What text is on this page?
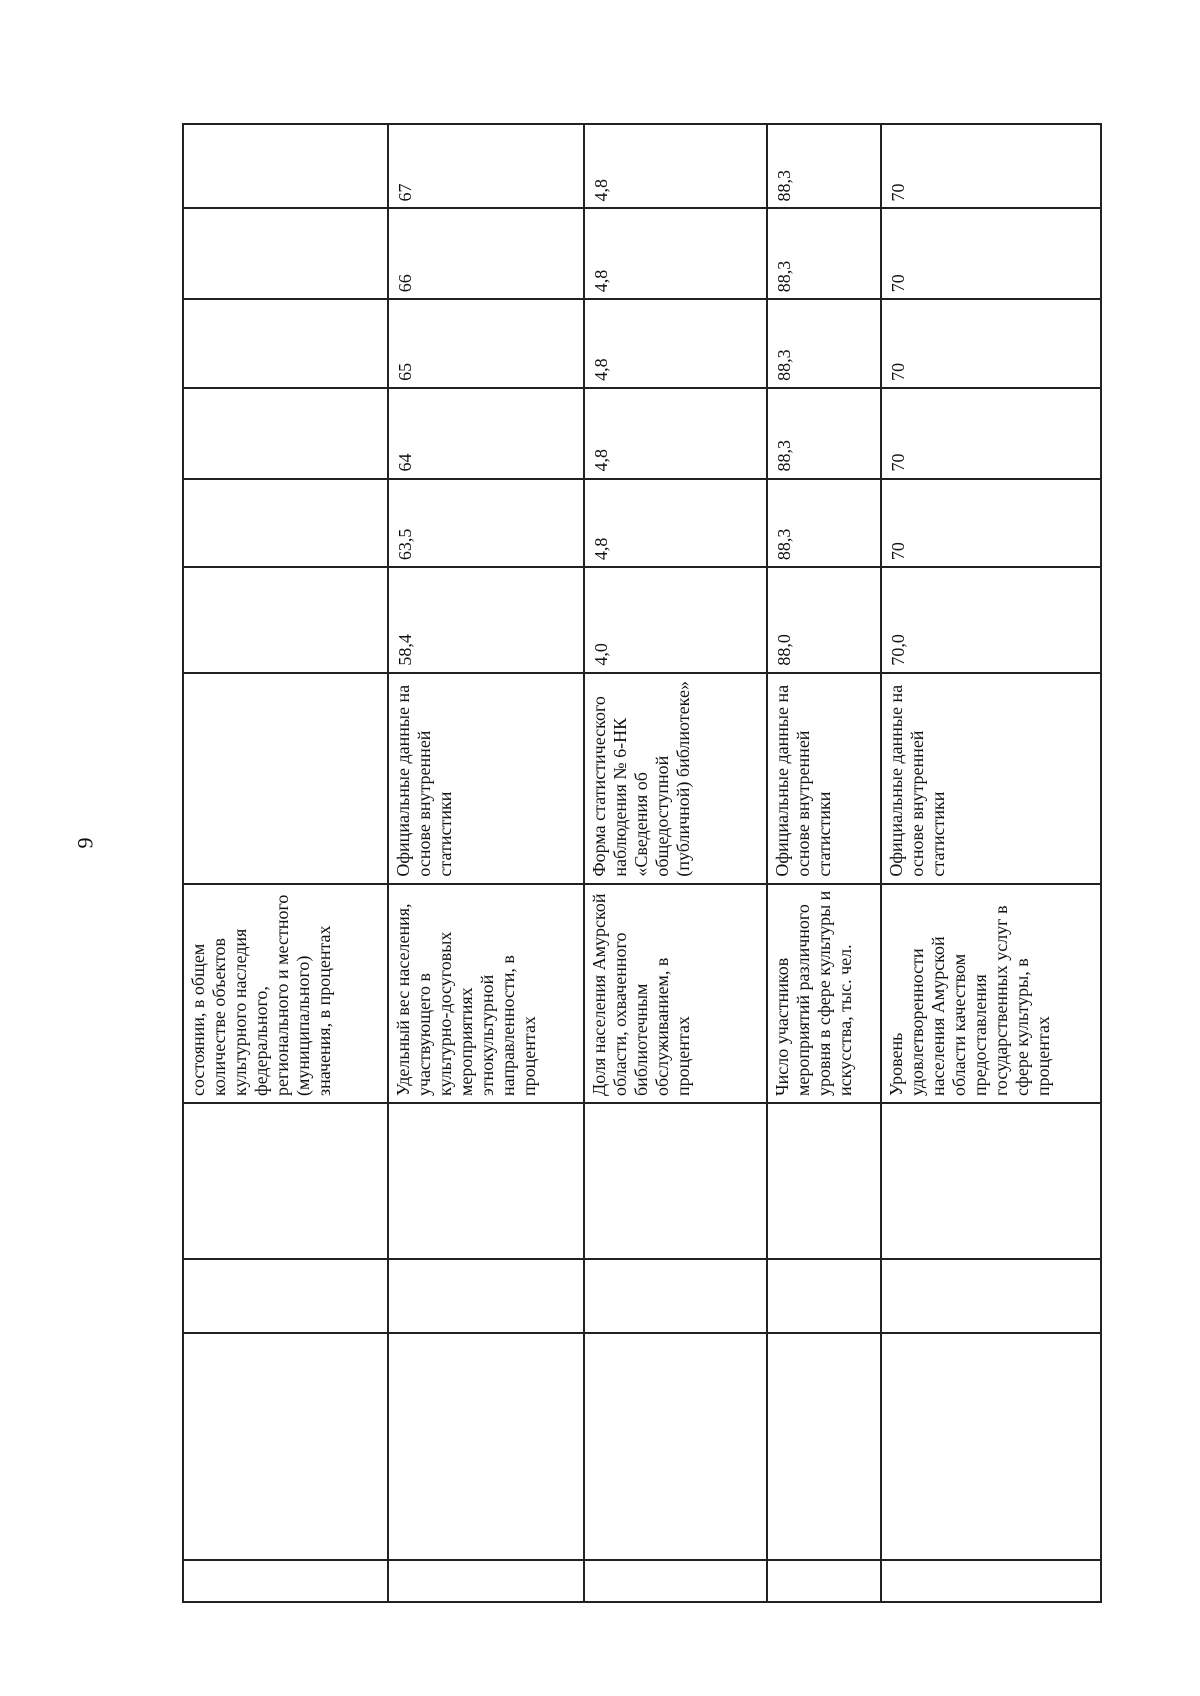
9
				состоянии, в общем количестве объектов культурного наследия федерального, регионального и местного (муниципального) значения, в процентах							
				Удельный вес населения, участвующего в культурно-досуговых мероприятиях этнокультурной направленности, в процентах	Официальные данные на основе внутренней статистики	58,4	63,5	64	65	66	67
				Доля населения Амурской области, охваченного библиотечным обслуживанием, в процентах	Форма статистического наблюдения № 6-НК «Сведения об общедоступной (публичной) библиотеке»	4,0	4,8	4,8	4,8	4,8	4,8
				Число участников мероприятий различного уровня в сфере культуры и искусства, тыс. чел.	Официальные данные на основе внутренней статистики	88,0	88,3	88,3	88,3	88,3	88,3
				Уровень удовлетворенности населения Амурской области качеством предоставления государственных услуг в сфере культуры, в процентах	Официальные данные на основе внутренней статистики	70,0	70	70	70	70	70
